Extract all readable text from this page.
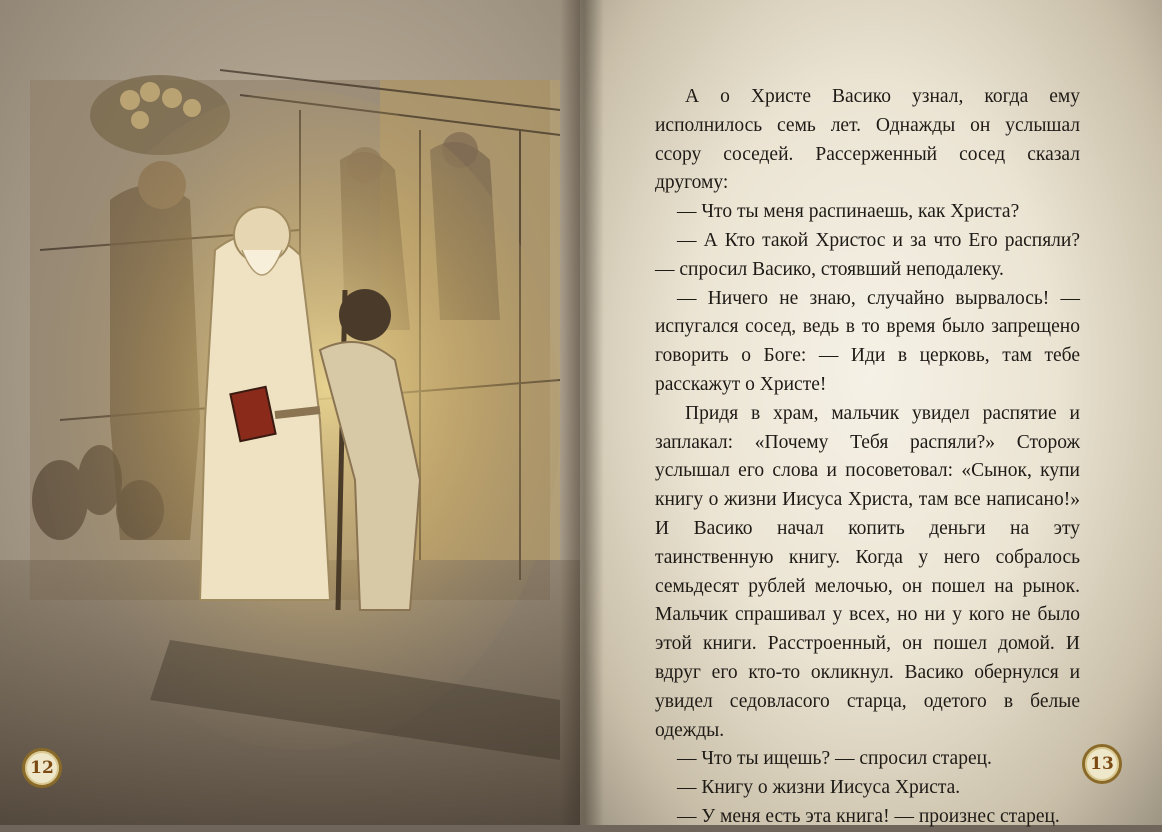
12	13

А о Христе Васико узнал, когда ему исполнилось семь лет. Однажды он услышал ссору соседей. Рассерженный сосед сказал другому:

— Что ты меня распинаешь, как Христа?

— А Кто такой Христос и за что Его распяли? — спросил Васико, стоявший неподалеку.

— Ничего не знаю, случайно вырвалось! — испугался сосед, ведь в то время было запрещено говорить о Боге: — Иди в церковь, там тебе расскажут о Христе!

Придя в храм, мальчик увидел распятие и заплакал: «Почему Тебя распяли?» Сторож услышал его слова и посоветовал: «Сынок, купи книгу о жизни Иисуса Христа, там все написано!» И Васико начал копить деньги на эту таинственную книгу. Когда у него собралось семьдесят рублей мелочью, он пошел на рынок. Мальчик спрашивал у всех, но ни у кого не было этой книги. Расстроенный, он пошел домой. И вдруг его кто-то окликнул. Васико обернулся и увидел седовласого старца, одетого в белые одежды.

— Что ты ищешь? — спросил старец.

— Книгу о жизни Иисуса Христа.

— У меня есть эта книга! — произнес старец.
